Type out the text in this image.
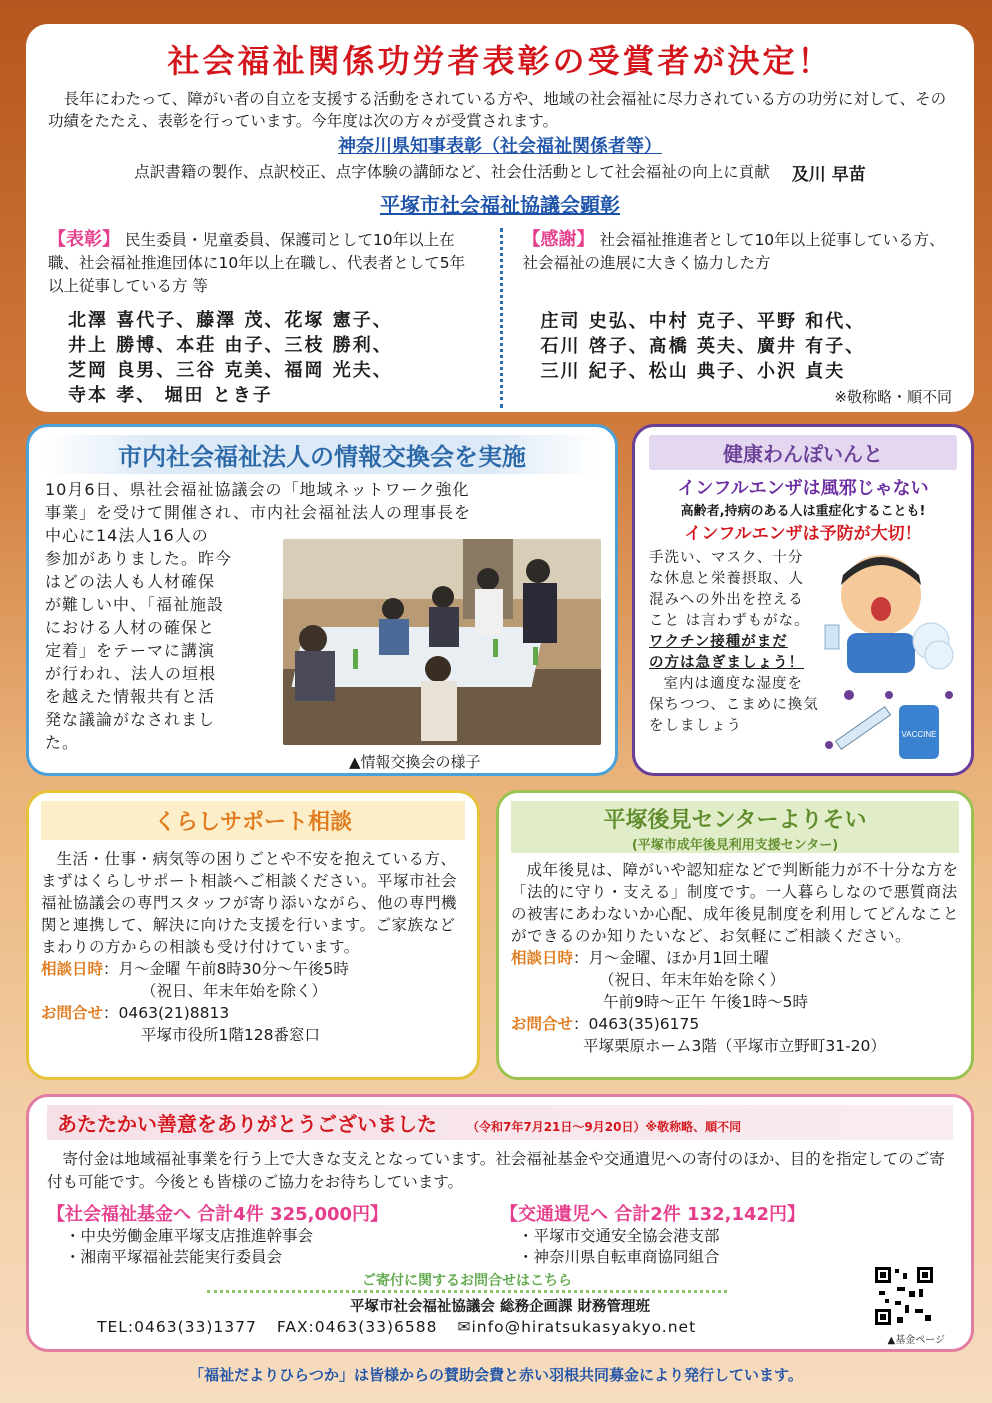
社会福祉関係功労者表彰の受賞者が決定！

長年にわたって、障がい者の自立を支援する活動をされている方や、地域の社会福祉に尽力されている方の功労に対して、その功績をたたえ、表彰を行っています。今年度は次の方々が受賞されます。

神奈川県知事表彰（社会福祉関係者等）
点訳書籍の製作、点訳校正、点字体験の講師など、社会仕活動として社会福祉の向上に貢献 及川 早苗
平塚市社会福祉協議会顕彰
【表彰】 民生委員・児童委員、保護司として10年以上在職、社会福祉推進団体に10年以上在職し、代表者として5年以上従事している方 等
北澤 喜代子、藤澤 茂、花塚 憲子、
井上 勝博、本荘 由子、三枝 勝利、
芝岡 良男、三谷 克美、福岡 光夫、
寺本 孝、 堀田 とき子
【感謝】 社会福祉推進者として10年以上従事している方、社会福祉の進展に大きく協力した方
庄司 史弘、中村 克子、平野 和代、
石川 啓子、髙橋 英夫、廣井 有子、
三川 紀子、松山 典子、小沢 貞夫
※敬称略・順不同
市内社会福祉法人の情報交換会を実施
10月6日、県社会福祉協議会の「地域ネットワーク強化
事業」を受けて開催され、市内社会福祉法人の理事長を
中心に14法人16人の
参加がありました。昨今
はどの法人も人材確保
が難しい中、「福祉施設
における人材の確保と
定着」をテーマに講演
が行われ、法人の垣根
を越えた情報共有と活
発な議論がなされまし
た。
▲情報交換会の様子
健康わんぽいんと
インフルエンザは風邪じゃない
高齢者,持病のある人は重症化することも!
インフルエンザは予防が大切！
手洗い、マスク、十分
な休息と栄養摂取、人
混みへの外出を控える
こと は言わずもがな。
ワクチン接種がまだ
の方は急ぎましょう！
室内は適度な湿度を
保ちつつ、こまめに換気
をしましょう
VACCINE
くらしサポート相談

生活・仕事・病気等の困りごとや不安を抱えている方、まずはくらしサポート相談へご相談ください。平塚市社会福祉協議会の専門スタッフが寄り添いながら、他の専門機関と連携して、解決に向けた支援を行います。ご家族などまわりの方からの相談も受け付けています。

相談日時：月～金曜 午前8時30分～午後5時
（祝日、年末年始を除く）
お問合せ：0463(21)8813
平塚市役所1階128番窓口
平塚後見センターよりそい
(平塚市成年後見利用支援センター)

成年後見は、障がいや認知症などで判断能力が不十分な方を「法的に守り・支える」制度です。一人暮らしなので悪質商法の被害にあわないか心配、成年後見制度を利用してどんなことができるのか知りたいなど、お気軽にご相談ください。

相談日時：月～金曜、ほか月1回土曜
（祝日、年末年始を除く）
午前9時～正午 午後1時～5時
お問合せ：0463(35)6175
平塚栗原ホーム3階（平塚市立野町31-20）
あたたかい善意をありがとうございました	（令和7年7月21日～9月20日）※敬称略、順不同

寄付金は地域福祉事業を行う上で大きな支えとなっています。社会福祉基金や交通遺児への寄付のほか、目的を指定してのご寄付も可能です。今後とも皆様のご協力をお待ちしています。

【社会福祉基金へ 合計4件 325,000円】
・中央労働金庫平塚支店推進幹事会
・湘南平塚福祉芸能実行委員会
【交通遺児へ 合計2件 132,142円】
・平塚市交通安全協会港支部
・神奈川県自転車商協同組合
ご寄付に関するお問合せはこちら
平塚市社会福祉協議会 総務企画課 財務管理班
TEL:0463(33)1377 FAX:0463(33)6588 ✉info@hiratsukasyakyo.net
▲基金ページ
「福祉だよりひらつか」は皆様からの賛助会費と赤い羽根共同募金により発行しています。
